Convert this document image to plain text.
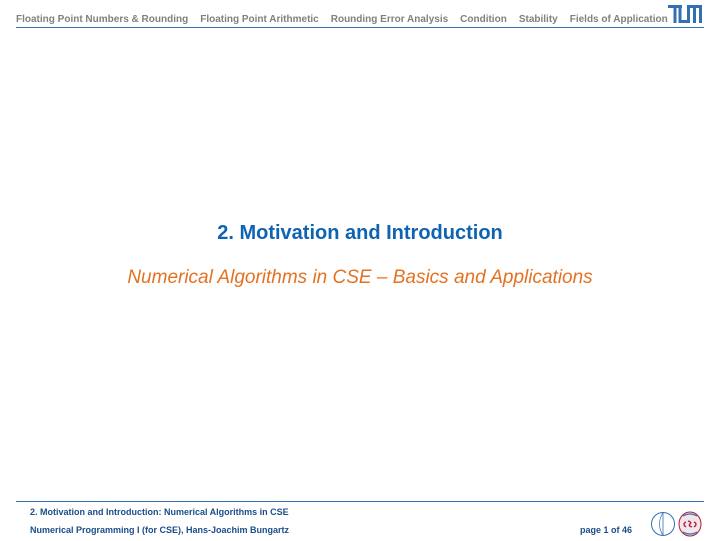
Floating Point Numbers & Rounding Floating Point Arithmetic Rounding Error Analysis Condition Stability Fields of Application
2. Motivation and Introduction
Numerical Algorithms in CSE – Basics and Applications
2. Motivation and Introduction: Numerical Algorithms in CSE
Numerical Programming I (for CSE), Hans-Joachim Bungartz	page 1 of 46
